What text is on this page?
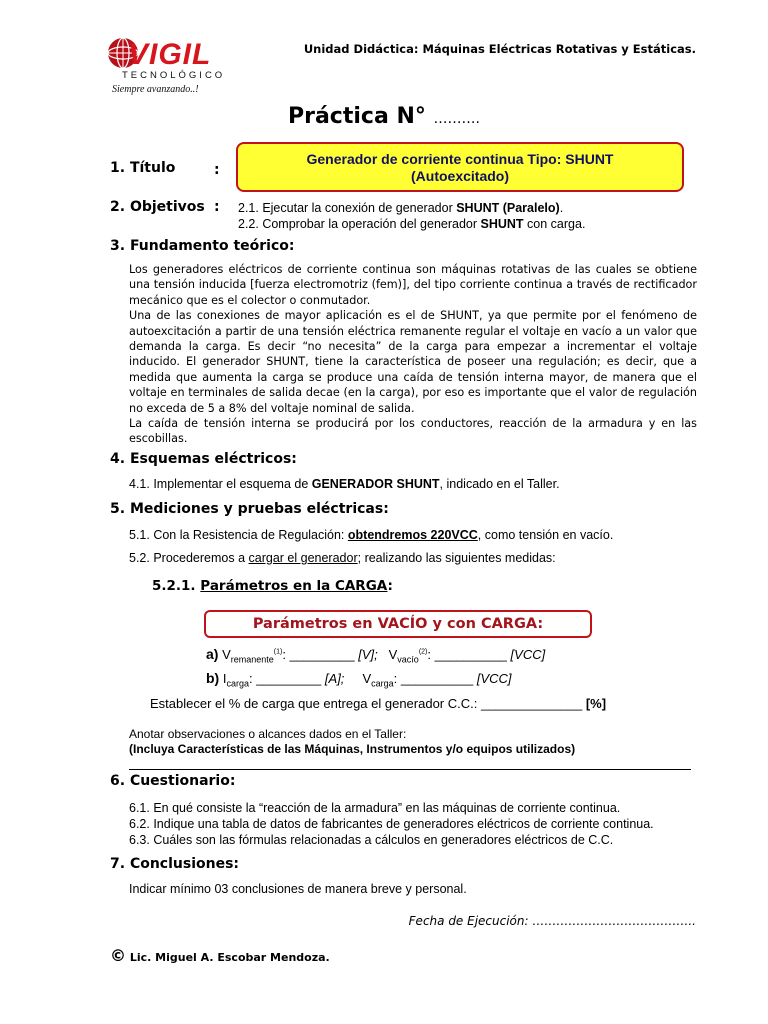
VIGIL
TECNOLÓGICO
Siempre avanzando..!
Unidad Didáctica: Máquinas Eléctricas Rotativas y Estáticas.
Práctica N° ……….
1. Título	:
Generador de corriente continua Tipo: SHUNT
(Autoexcitado)
2. Objetivos : 2.1. Ejecutar la conexión de generador SHUNT (Paralelo).
2.2. Comprobar la operación del generador SHUNT con carga.
3. Fundamento teórico:

Los generadores eléctricos de corriente continua son máquinas rotativas de las cuales se obtiene una tensión inducida [fuerza electromotriz (fem)], del tipo corriente continua a través de rectificador mecánico que es el colector o conmutador.

Una de las conexiones de mayor aplicación es el de SHUNT, ya que permite por el fenómeno de autoexcitación a partir de una tensión eléctrica remanente regular el voltaje en vacío a un valor que demanda la carga. Es decir “no necesita” de la carga para empezar a incrementar el voltaje inducido. El generador SHUNT, tiene la característica de poseer una regulación; es decir, que a medida que aumenta la carga se produce una caída de tensión interna mayor, de manera que el voltaje en terminales de salida decae (en la carga), por eso es importante que el valor de regulación no exceda de 5 a 8% del voltaje nominal de salida.

La caída de tensión interna se producirá por los conductores, reacción de la armadura y en las escobillas.

4. Esquemas eléctricos:
4.1. Implementar el esquema de GENERADOR SHUNT, indicado en el Taller.
5. Mediciones y pruebas eléctricas:
5.1. Con la Resistencia de Regulación: obtendremos 220VCC, como tensión en vacío.
5.2. Procederemos a cargar el generador; realizando las siguientes medidas:
5.2.1. Parámetros en la CARGA:
Parámetros en VACÍO y con CARGA:
a) $V_{remanente}^{(1)}$: _________ [V]; $V_{vacío}^{(2)}$: __________ [VCC]
b) $I_{carga}$: _________ [A]; $V_{carga}$: __________ [VCC]
Establecer el % de carga que entrega el generador C.C.: ______________ [%]
Anotar observaciones o alcances dados en el Taller:
(Incluya Características de las Máquinas, Instrumentos y/o equipos utilizados)
6. Cuestionario:
6.1. En qué consiste la “reacción de la armadura” en las máquinas de corriente continua.
6.2. Indique una tabla de datos de fabricantes de generadores eléctricos de corriente continua.
6.3. Cuáles son las fórmulas relacionadas a cálculos en generadores eléctricos de C.C.
7. Conclusiones:
Indicar mínimo 03 conclusiones de manera breve y personal.
Fecha de Ejecución: …………………………………..
© Lic. Miguel A. Escobar Mendoza.
